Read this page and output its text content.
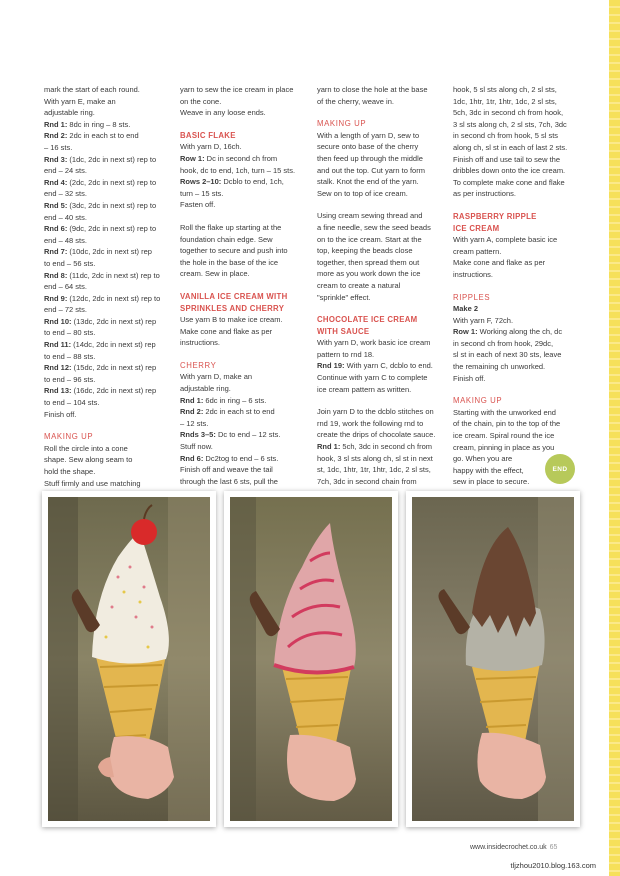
mark the start of each round.

With yarn E, make an

adjustable ring.

Rnd 1: 8dc in ring – 8 sts.

Rnd 2: 2dc in each st to end

– 16 sts.

Rnd 3: (1dc, 2dc in next st) rep to

end – 24 sts.

Rnd 4: (2dc, 2dc in next st) rep to

end – 32 sts.

Rnd 5: (3dc, 2dc in next st) rep to

end – 40 sts.

Rnd 6: (9dc, 2dc in next st) rep to

end – 48 sts.

Rnd 7: (10dc, 2dc in next st) rep

to end – 56 sts.

Rnd 8: (11dc, 2dc in next st) rep to

end – 64 sts.

Rnd 9: (12dc, 2dc in next st) rep to

end – 72 sts.

Rnd 10: (13dc, 2dc in next st) rep

to end – 80 sts.

Rnd 11: (14dc, 2dc in next st) rep

to end – 88 sts.

Rnd 12: (15dc, 2dc in next st) rep

to end – 96 sts.

Rnd 13: (16dc, 2dc in next st) rep

to end – 104 sts.

Finish off.

MAKING UP

Roll the circle into a cone

shape. Sew along seam to

hold the shape.

Stuff firmly and use matching

yarn to sew the ice cream in place

on the cone.

Weave in any loose ends.

BASIC FLAKE

With yarn D, 16ch.

Row 1: Dc in second ch from

hook, dc to end, 1ch, turn – 15 sts.

Rows 2–10: Dcblo to end, 1ch,

turn – 15 sts.

Fasten off.

Roll the flake up starting at the

foundation chain edge. Sew

together to secure and push into

the hole in the base of the ice

cream. Sew in place.

VANILLA ICE CREAM WITH

SPRINKLES AND CHERRY

Use yarn B to make ice cream.

Make cone and flake as per

instructions.

CHERRY

With yarn D, make an

adjustable ring.

Rnd 1: 6dc in ring – 6 sts.

Rnd 2: 2dc in each st to end

– 12 sts.

Rnds 3–5: Dc to end – 12 sts.

Stuff now.

Rnd 6: Dc2tog to end – 6 sts.

Finish off and weave the tail

through the last 6 sts, pull the

yarn to close the hole at the base

of the cherry, weave in.

MAKING UP

With a length of yarn D, sew to

secure onto base of the cherry

then feed up through the middle

and out the top. Cut yarn to form

stalk. Knot the end of the yarn.

Sew on to top of ice cream.

Using cream sewing thread and

a fine needle, sew the seed beads

on to the ice cream. Start at the

top, keeping the beads close

together, then spread them out

more as you work down the ice

cream to create a natural

"sprinkle" effect.

CHOCOLATE ICE CREAM

WITH SAUCE

With yarn D, work basic ice cream

pattern to rnd 18.

Rnd 19: With yarn C, dcblo to end.

Continue with yarn C to complete

ice cream pattern as written.

Join yarn D to the dcblo stitches on

rnd 19, work the following rnd to

create the drips of chocolate sauce.

Rnd 1: 5ch, 3dc in second ch from

hook, 3 sl sts along ch, sl st in next

st, 1dc, 1htr, 1tr, 1htr, 1dc, 2 sl sts,

7ch, 3dc in second chain from

hook, 5 sl sts along ch, 2 sl sts,

1dc, 1htr, 1tr, 1htr, 1dc, 2 sl sts,

5ch, 3dc in second ch from hook,

3 sl sts along ch, 2 sl sts, 7ch, 3dc

in second ch from hook, 5 sl sts

along ch, sl st in each of last 2 sts.

Finish off and use tail to sew the

dribbles down onto the ice cream.

To complete make cone and flake

as per instructions.

RASPBERRY RIPPLE

ICE CREAM

With yarn A, complete basic ice

cream pattern.

Make cone and flake as per

instructions.

RIPPLES

Make 2

With yarn F, 72ch.

Row 1: Working along the ch, dc

in second ch from hook, 29dc,

sl st in each of next 30 sts, leave

the remaining ch unworked.

Finish off.

MAKING UP

Starting with the unworked end

of the chain, pin to the top of the

ice cream. Spiral round the ice

cream, pinning in place as you

go. When you are

happy with the effect,

sew in place to secure.

END
www.insidecrochet.co.uk 65
tljzhou2010.blog.163.com
